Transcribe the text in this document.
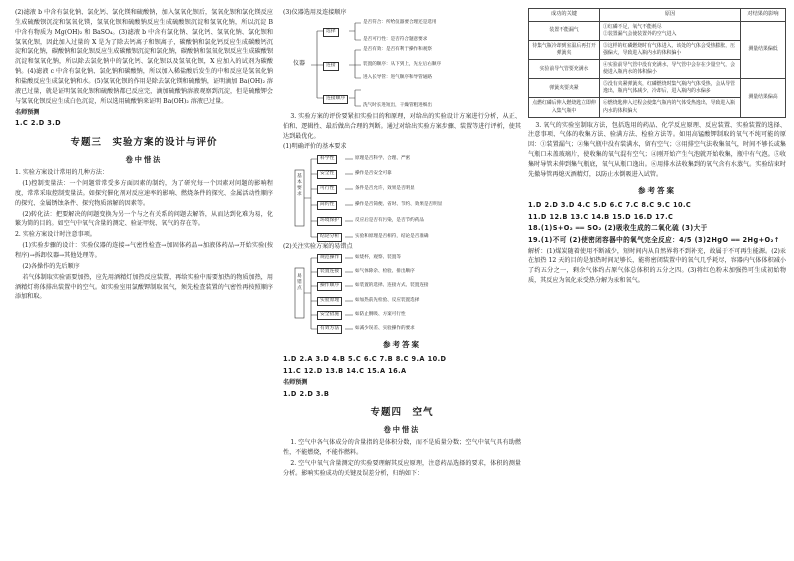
(2)滤液 b 中含有氯化钠、氯化钙、氯化镁和硫酸钠，加入氢氧化钡后，氢氧化钡和氯化镁反应生成硫酸钡沉淀和氢氧化镁，氢氧化钡和硫酸钠反应生成硫酸钡沉淀和氢氧化钠，所以沉淀 B 中含有物质为 Mg(OH)₂ 和 BaSO₄。(3)滤液 b 中含有氯化钠、氯化钙、氢氧化钠、氯化钡和氢氧化钡，因此加入过量的 X 是为了除去钙离子和钡离子，碳酸钠和氯化钙反应生成碳酸钙沉淀和氯化钠，碳酸钠和氯化钡反应生成碳酸钡沉淀和氯化钠，碳酸钠和氢氧化钡反应生成碳酸钡沉淀和氢氧化钠，所以除去氯化钠中的氯化钙、氯化钡以及氢氧化钡，X 应加入的试剂为碳酸钠。(4)滤液 c 中含有氯化钠、氯化钠和碳酸钠，所以加入稀盐酸后发生的中和反应是氢氧化钠和盐酸反应生成氯化钠和水。(5)氢氧化钡的作用是除去氯化镁和硫酸钠，证明滴加 Ba(OH)₂ 溶液已过量，就是证明氢氧化钡和硫酸钠都已反应完，滴加硫酸钠溶液观察到沉淀，但是硫酸钾会与氢氧化钡反应生成白色沉淀，所以选用硫酸钠来证明 Ba(OH)₂ 溶液已过量。

名师预测
1.C 2.D 3.D
专题三　实验方案的设计与评价
卷中惜法

1. 实验方案设计常用的几种方法：

(1)控制变量法：一个问题常常受多方面因素的制约，为了研究每一个因素对问题的影响程度，常常采取控制变量法。如探究催化剂对反应速率的影响、燃烧条件的探究、金属活动性顺序的探究、金属锈蚀条件、探究物质溶解的因素等。

(2)转化法：把要解决的问题变换为另一个与之有关系的问题去解答，从而达到化难为易，化繁为简的目的。如空气中氧气含量的测定、验证甲烷、氧气的存在等。

2. 实验方案设计时注意事项。

(1)实验步骤的设计：实验仪器的连接→气密性检查→加固体药品→加液体药品→开始实验(按程序)→拆卸仪器→其他处理等。

(2)各操作的先后顺序

若气体制取实验需要加热，应先用酒精灯加热反应装置，再给实验中需要加热的物质加热，用酒精灯将体排出装置中的空气。如实验室用氯酸钾制取氧气，须先检查装置的气密性再按照顺序添加和取。

(3)仪器选用及连接顺序
仪器
选择
连接
连接顺序
是否符合：所给仪器要合理还是选用
是否可行性：是否符合题意要求
是否有效：是否有利于操作和观察
装置的顺序：从下到上，先左后右顺序
进入长导管：进气顺序和导管通路
洗气时长进短出，干燥管粗进细出

3. 实验方案的评价要紧扣实验目的和原理，对给出的实验设计方案进行分析，从正、伯和、逻辑性、最后做出合理的判断。通过对给出实验方案步骤、装置等进行评析，使其达到最优化。

(1)明确评价的基本要求
基本要求
科学性
安全性
可行性
简约性
环境保护
结论分析
原理是否科学、合理、严密
操作是否安全可靠
条件是否允许，效果是否明显
操作是否简便、省时、节约、效果是否明显
反应后是否有污染，是否节约药品
实验和原理是否相符，结论是否准确
(2)关注实验方案的易错点
易错点
规范操作
装置连接
操作顺序
实验原理
安全措施
有效方法
如烧杯，观察、装置等
如气体除杂、检验、排出顺序
如装置的选择、连接方式、装置连接
如加热前先检验、反应装置选择
如防止倒吸、方案可行性
如减少误差、实验操作的要求
参考答案
1.D 2.A 3.D 4.B 5.C 6.C 7.B 8.C 9.A 10.D
11.C 12.D 13.B 14.C 15.A 16.A
名师预测
1.D 2.D 3.B
专题四　空气
卷中惜法

1. 空气中各气体成分的含量指的是体积分数，而不是质量分数；空气中氧气具有助燃性，不能燃烧，不能作燃料。

2. 空气中氧气含量测定的实验要理解其反应原理，注意药品选择的要求，体积的测量分析。影响实验成功的关键及误差分析，归纳如下：

成功的关键	原因	对结果的影响
装置不能漏气	①红磷不足，氧气不能耗尽
②装置漏气会使装置外的空气进入	测量结果偏低
待集气瓶冷却到室温后再打开弹簧夹	③这样的红磷燃烧时有气体进入，该处的气体会受热膨胀，压强偏大，导致进入瓶内水的体积偏小	
实验前导气管要充满水	④实验前导气管中没有充满水，导气管中会存在少量空气，会使进入瓶内水的体积偏小	
弹簧夹要夹紧	⑤没有夹紧弹簧夹，红磷燃烧时集气瓶内气体受热，会从导管逸出，瓶内气体减少，冷却后，进入瓶内的水偏多	测量结果偏高
点燃红磷后伸入燃烧匙立即伸入集气瓶中	⑥燃烧匙伸入过程会使集气瓶内的气体受热逸出，导致进入瓶内水的体积偏大	

3. 氧气的实验室制取方法，包括选用的药品、化学反应原理、反应装置、实验装置的选择、注意事项、气体的收集方法、验满方法、检验方法等。如用高锰酸钾制取的氧气不纯可能的原因：①装置漏气；②集气瓶中没有装满水，留有空气；③用排空气法收集氧气，时间不够长或集气瓶口未盖玻璃片，使收集的氧气混有空气；④刚开始产生气泡就开始收集，瓶中有气泡。⑤收集时导管未伸到集气瓶底，氧气从瓶口逸出。⑥用排水法收集到的氧气含有水蒸气。实验结束时先撤导管再熄灭酒精灯，以防止水倒吸进入试管。

参考答案
1.D 2.D 3.D 4.C 5.D 6.C 7.C 8.C 9.C 10.C
11.D 12.B 13.C 14.B 15.D 16.D 17.C
18.(1)S+O₂ ══ SO₂ (2)吸收生成的二氧化硫 (3)大于
19.(1)不可 (2)使密闭容器中的氧气完全反应：4/5 (3)2HgO ══ 2Hg+O₂↑

解析：(1)煤炭随着使用不断减少，短时间内从自然界将不到补充，故属于不可再生能源。(2)汞在加热 12 天的目的是加热时间足够长，能将密闭装置中的氧气几乎耗尽，容器内气体体积减小了约五分之一，剩余气体约占原气体总体积的五分之四。(3)将红色粉末加强热可生成初始物质，其反应为氧化汞受热分解为汞和氧气。
